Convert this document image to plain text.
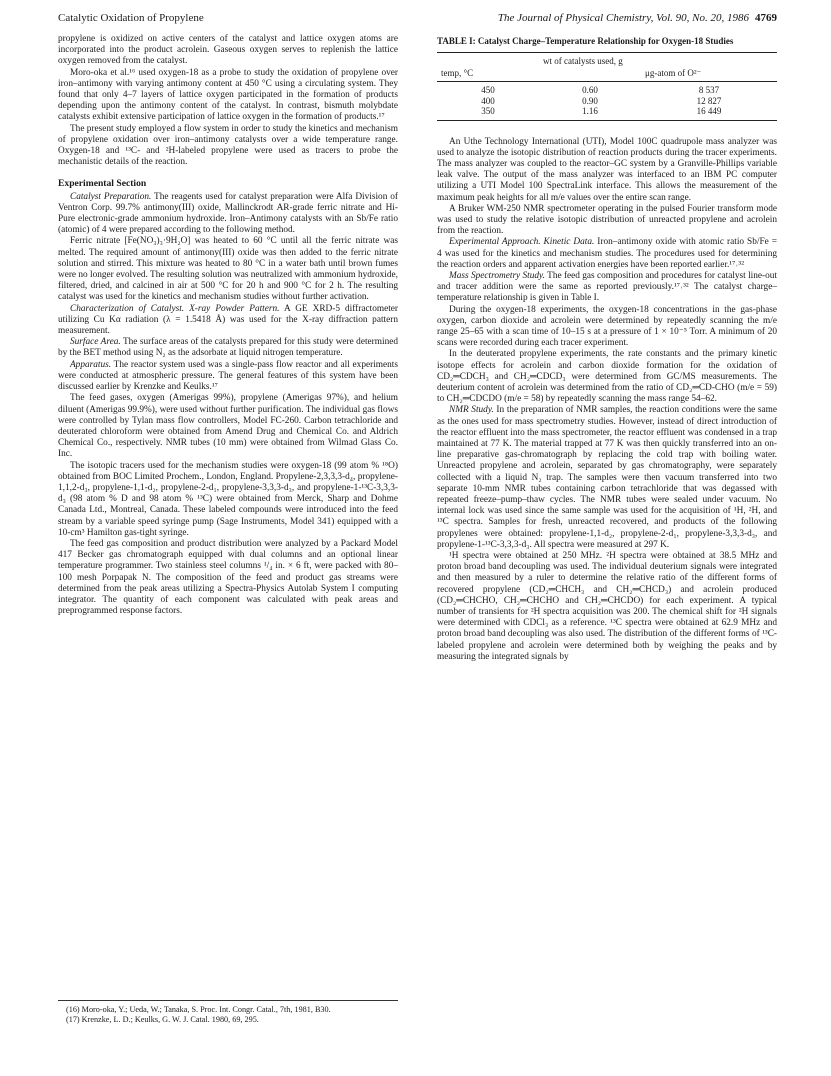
Catalytic Oxidation of Propylene	The Journal of Physical Chemistry, Vol. 90, No. 20, 1986 4769

propylene is oxidized on active centers of the catalyst and lattice oxygen atoms are incorporated into the product acrolein. Gaseous oxygen serves to replenish the lattice oxygen removed from the catalyst.

Moro-oka et al.¹⁶ used oxygen-18 as a probe to study the oxidation of propylene over iron–antimony with varying antimony content at 450 °C using a circulating system. They found that only 4–7 layers of lattice oxygen participated in the formation of products depending upon the antimony content of the catalyst. In contrast, bismuth molybdate catalysts exhibit extensive participation of lattice oxygen in the formation of products.¹⁷

The present study employed a flow system in order to study the kinetics and mechanism of propylene oxidation over iron–antimony catalysts over a wide temperature range. Oxygen-18 and ¹³C- and ²H-labeled propylene were used as tracers to probe the mechanistic details of the reaction.

Experimental Section

Catalyst Preparation. The reagents used for catalyst preparation were Alfa Division of Ventron Corp. 99.7% antimony(III) oxide, Mallinckrodt AR-grade ferric nitrate and Hi-Pure electronic-grade ammonium hydroxide. Iron–Antimony catalysts with an Sb/Fe ratio (atomic) of 4 were prepared according to the following method.

Ferric nitrate [Fe(NO₃)₃·9H₂O] was heated to 60 °C until all the ferric nitrate was melted. The required amount of antimony(III) oxide was then added to the ferric nitrate solution and stirred. This mixture was heated to 80 °C in a water bath until brown fumes were no longer evolved. The resulting solution was neutralized with ammonium hydroxide, filtered, dried, and calcined in air at 500 °C for 20 h and 900 °C for 2 h. The resulting catalyst was used for the kinetics and mechanism studies without further activation.

Characterization of Catalyst. X-ray Powder Pattern. A GE XRD-5 diffractometer utilizing Cu Kα radiation (λ = 1.5418 Å) was used for the X-ray diffraction pattern measurement.

Surface Area. The surface areas of the catalysts prepared for this study were determined by the BET method using N₂ as the adsorbate at liquid nitrogen temperature.

Apparatus. The reactor system used was a single-pass flow reactor and all experiments were conducted at atmospheric pressure. The general features of this system have been discussed earlier by Krenzke and Keulks.¹⁷

The feed gases, oxygen (Amerigas 99%), propylene (Amerigas 97%), and helium diluent (Amerigas 99.9%), were used without further purification. The individual gas flows were controlled by Tylan mass flow controllers, Model FC-260. Carbon tetrachloride and deuterated chloroform were obtained from Amend Drug and Chemical Co. and Aldrich Chemical Co., respectively. NMR tubes (10 mm) were obtained from Wilmad Glass Co. Inc.

The isotopic tracers used for the mechanism studies were oxygen-18 (99 atom % ¹⁸O) obtained from BOC Limited Prochem., London, England. Propylene-2,3,3,3-d₄, propylene-1,1,2-d₃, propylene-1,1-d₂, propylene-2-d₁, propylene-3,3,3-d₃, and propylene-1-¹³C-3,3,3-d₃ (98 atom % D and 98 atom % ¹³C) were obtained from Merck, Sharp and Dohme Canada Ltd., Montreal, Canada. These labeled compounds were introduced into the feed stream by a variable speed syringe pump (Sage Instruments, Model 341) equipped with a 10-cm³ Hamilton gas-tight syringe.

The feed gas composition and product distribution were analyzed by a Packard Model 417 Becker gas chromatograph equipped with dual columns and an optional linear temperature programmer. Two stainless steel columns ¹/₄ in. × 6 ft, were packed with 80–100 mesh Porpapak N. The composition of the feed and product gas streams were determined from the peak areas utilizing a Spectra-Physics Autolab System I computing integrator. The quantity of each component was calculated with peak areas and preprogrammed response factors.

(16) Moro-oka, Y.; Ueda, W.; Tanaka, S. Proc. Int. Congr. Catal., 7th, 1981, B30.

(17) Krenzke, L. D.; Keulks, G. W. J. Catal. 1980, 69, 295.

TABLE I: Catalyst Charge–Temperature Relationship for Oxygen-18 Studies
	wt of catalysts used, g	
temp, °C		μg-atom of O²⁻
450	0.60	8 537
400	0.90	12 827
350	1.16	16 449

An Uthe Technology International (UTI), Model 100C quadrupole mass analyzer was used to analyze the isotopic distribution of reaction products during the tracer experiments. The mass analyzer was coupled to the reactor–GC system by a Granville-Phillips variable leak valve. The output of the mass analyzer was interfaced to an IBM PC computer utilizing a UTI Model 100 SpectraLink interface. This allows the measurement of the maximum peak heights for all m/e values over the entire scan range.

A Bruker WM-250 NMR spectrometer operating in the pulsed Fourier transform mode was used to study the relative isotopic distribution of unreacted propylene and acrolein from the reaction.

Experimental Approach. Kinetic Data. Iron–antimony oxide with atomic ratio Sb/Fe = 4 was used for the kinetics and mechanism studies. The procedures used for determining the reaction orders and apparent activation energies have been reported earlier.¹⁷˒³²

Mass Spectrometry Study. The feed gas composition and procedures for catalyst line-out and tracer addition were the same as reported previously.¹⁷˒³² The catalyst charge–temperature relationship is given in Table I.

During the oxygen-18 experiments, the oxygen-18 concentrations in the gas-phase oxygen, carbon dioxide and acrolein were determined by repeatedly scanning the m/e range 25–65 with a scan time of 10–15 s at a pressure of 1 × 10⁻⁵ Torr. A minimum of 20 scans were recorded during each tracer experiment.

In the deuterated propylene experiments, the rate constants and the primary kinetic isotope effects for acrolein and carbon dioxide formation for the oxidation of CD₂═CDCH₃ and CH₂═CDCD₃ were determined from GC/MS measurements. The deuterium content of acrolein was determined from the ratio of CD₂═CD-CHO (m/e = 59) to CH₂═CDCDO (m/e = 58) by repeatedly scanning the mass range 54–62.

NMR Study. In the preparation of NMR samples, the reaction conditions were the same as the ones used for mass spectrometry studies. However, instead of direct introduction of the reactor effluent into the mass spectrometer, the reactor effluent was condensed in a trap maintained at 77 K. The material trapped at 77 K was then quickly transferred into an on-line preparative gas-chromatograph by replacing the cold trap with boiling water. Unreacted propylene and acrolein, separated by gas chromatography, were separately collected with a liquid N₂ trap. The samples were then vacuum transferred into two separate 10-mm NMR tubes containing carbon tetrachloride that was degassed with repeated freeze–pump–thaw cycles. The NMR tubes were sealed under vacuum. No internal lock was used since the same sample was used for the acquisition of ¹H, ²H, and ¹³C spectra. Samples for fresh, unreacted recovered, and products of the following propylenes were obtained: propylene-1,1-d₂, propylene-2-d₁, propylene-3,3,3-d₃, and propylene-1-¹³C-3,3,3-d₃. All spectra were measured at 297 K.

¹H spectra were obtained at 250 MHz. ²H spectra were obtained at 38.5 MHz and proton broad band decoupling was used. The individual deuterium signals were integrated and then measured by a ruler to determine the relative ratio of the different forms of recovered propylene (CD₂═CHCH₃ and CH₂═CHCD₃) and acrolein produced (CD₂═CHCHO, CH₂═CHCHO and CH₂═CHCDO) for each experiment. A typical number of transients for ²H spectra acquisition was 200. The chemical shift for ²H signals were determined with CDCl₃ as a reference. ¹³C spectra were obtained at 62.9 MHz and proton broad band decoupling was also used. The distribution of the different forms of ¹³C-labeled propylene and acrolein were determined both by weighing the peaks and by measuring the integrated signals by
